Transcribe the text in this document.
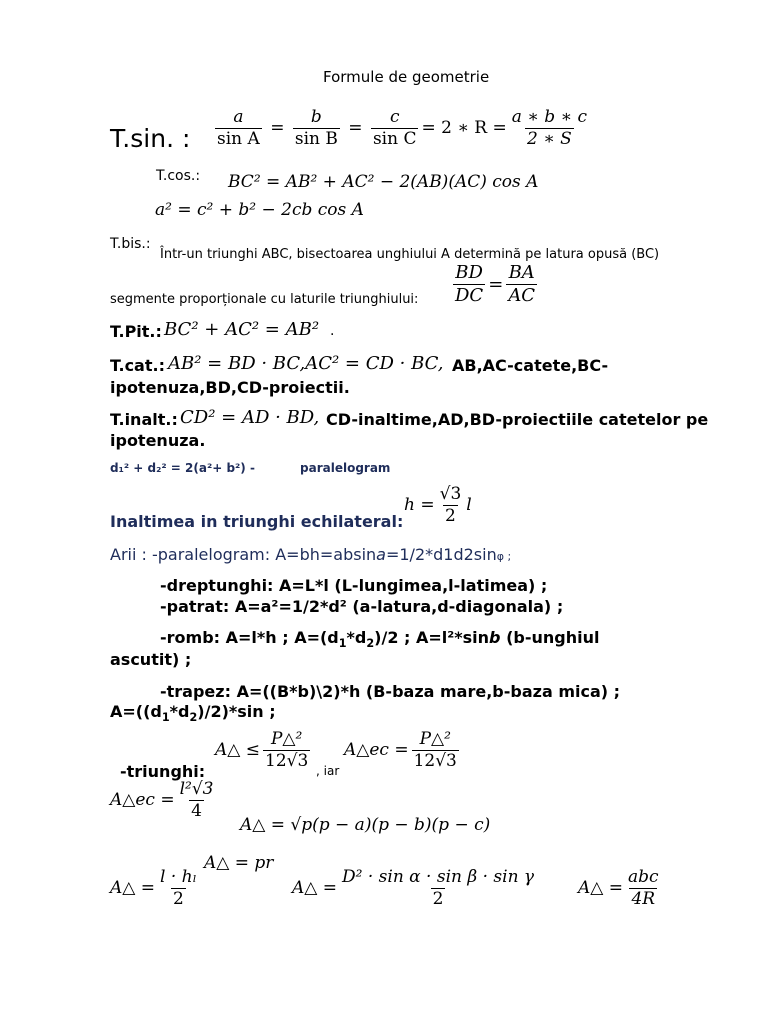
Formule de geometrie
T.sin. : $\frac{a}{\text{sin A}} = \frac{b}{\text{sin B}} = \frac{c}{\text{sin C}} = 2$ ∗ $R = \frac{a ∗ b ∗ c}{2 ∗ S}$
T.cos.: BC² = AB² + AC² − 2(AB)(AC) cos A
a² = c² + b² − 2cb cos A
T.bis.:
Într-un triunghi ABC, bisectoarea unghiului A determină pe latura opusă (BC)
segmente proporționale cu laturile triunghiului: $\frac{BD}{DC} = \frac{BA}{AC}$
T.Pit.: BC² + AC² = AB² .
T.cat.: AB² = BD · BC,AC² = CD · BC, AB,AC-catete,BC-
ipotenuza,BD,CD-proiectii.
T.inalt.: CD² = AD · BD, CD-inaltime,AD,BD-proiectiile catetelor pe
ipotenuza.
d₁² + d₂² = 2(a²+ b²) -	paralelogram
Inaltimea in triunghi echilateral:
$h = \frac{√3}{2}$ l
Arii : -paralelogram: A=bh=absina=1/2*d1d2sinφ ;
-dreptunghi: A=L*l (L-lungimea,l-latimea) ;
-patrat: A=a²=1/2*d² (a-latura,d-diagonala) ;
-romb: A=l*h ; $A=(d_1*d_2)/2$ ; A=l²*sinb (b-unghiul
ascutit) ;
-trapez: A=((B*b)\2)*h (B-baza mare,b-baza mica) ;
$A=((d_1*d_2)/2)*\sin$ ;
-triunghi:
A△ ≤ $\frac{\text{P△²}}{12√3}$
, iar
A△ec = $\frac{\text{P△²}}{12√3}$
A△ec = $\frac{\text{l²√3}}{4}$
A△ = √p(p − a)(p − b)(p − c)
A△ = pr
A△ = $\frac{\text{l · hₗ}}{2}$	A△ = $\frac{\text{D² · sin α · sin β · sin γ}}{2}$ A△ = $\frac{\text{abc}}{4R}$
